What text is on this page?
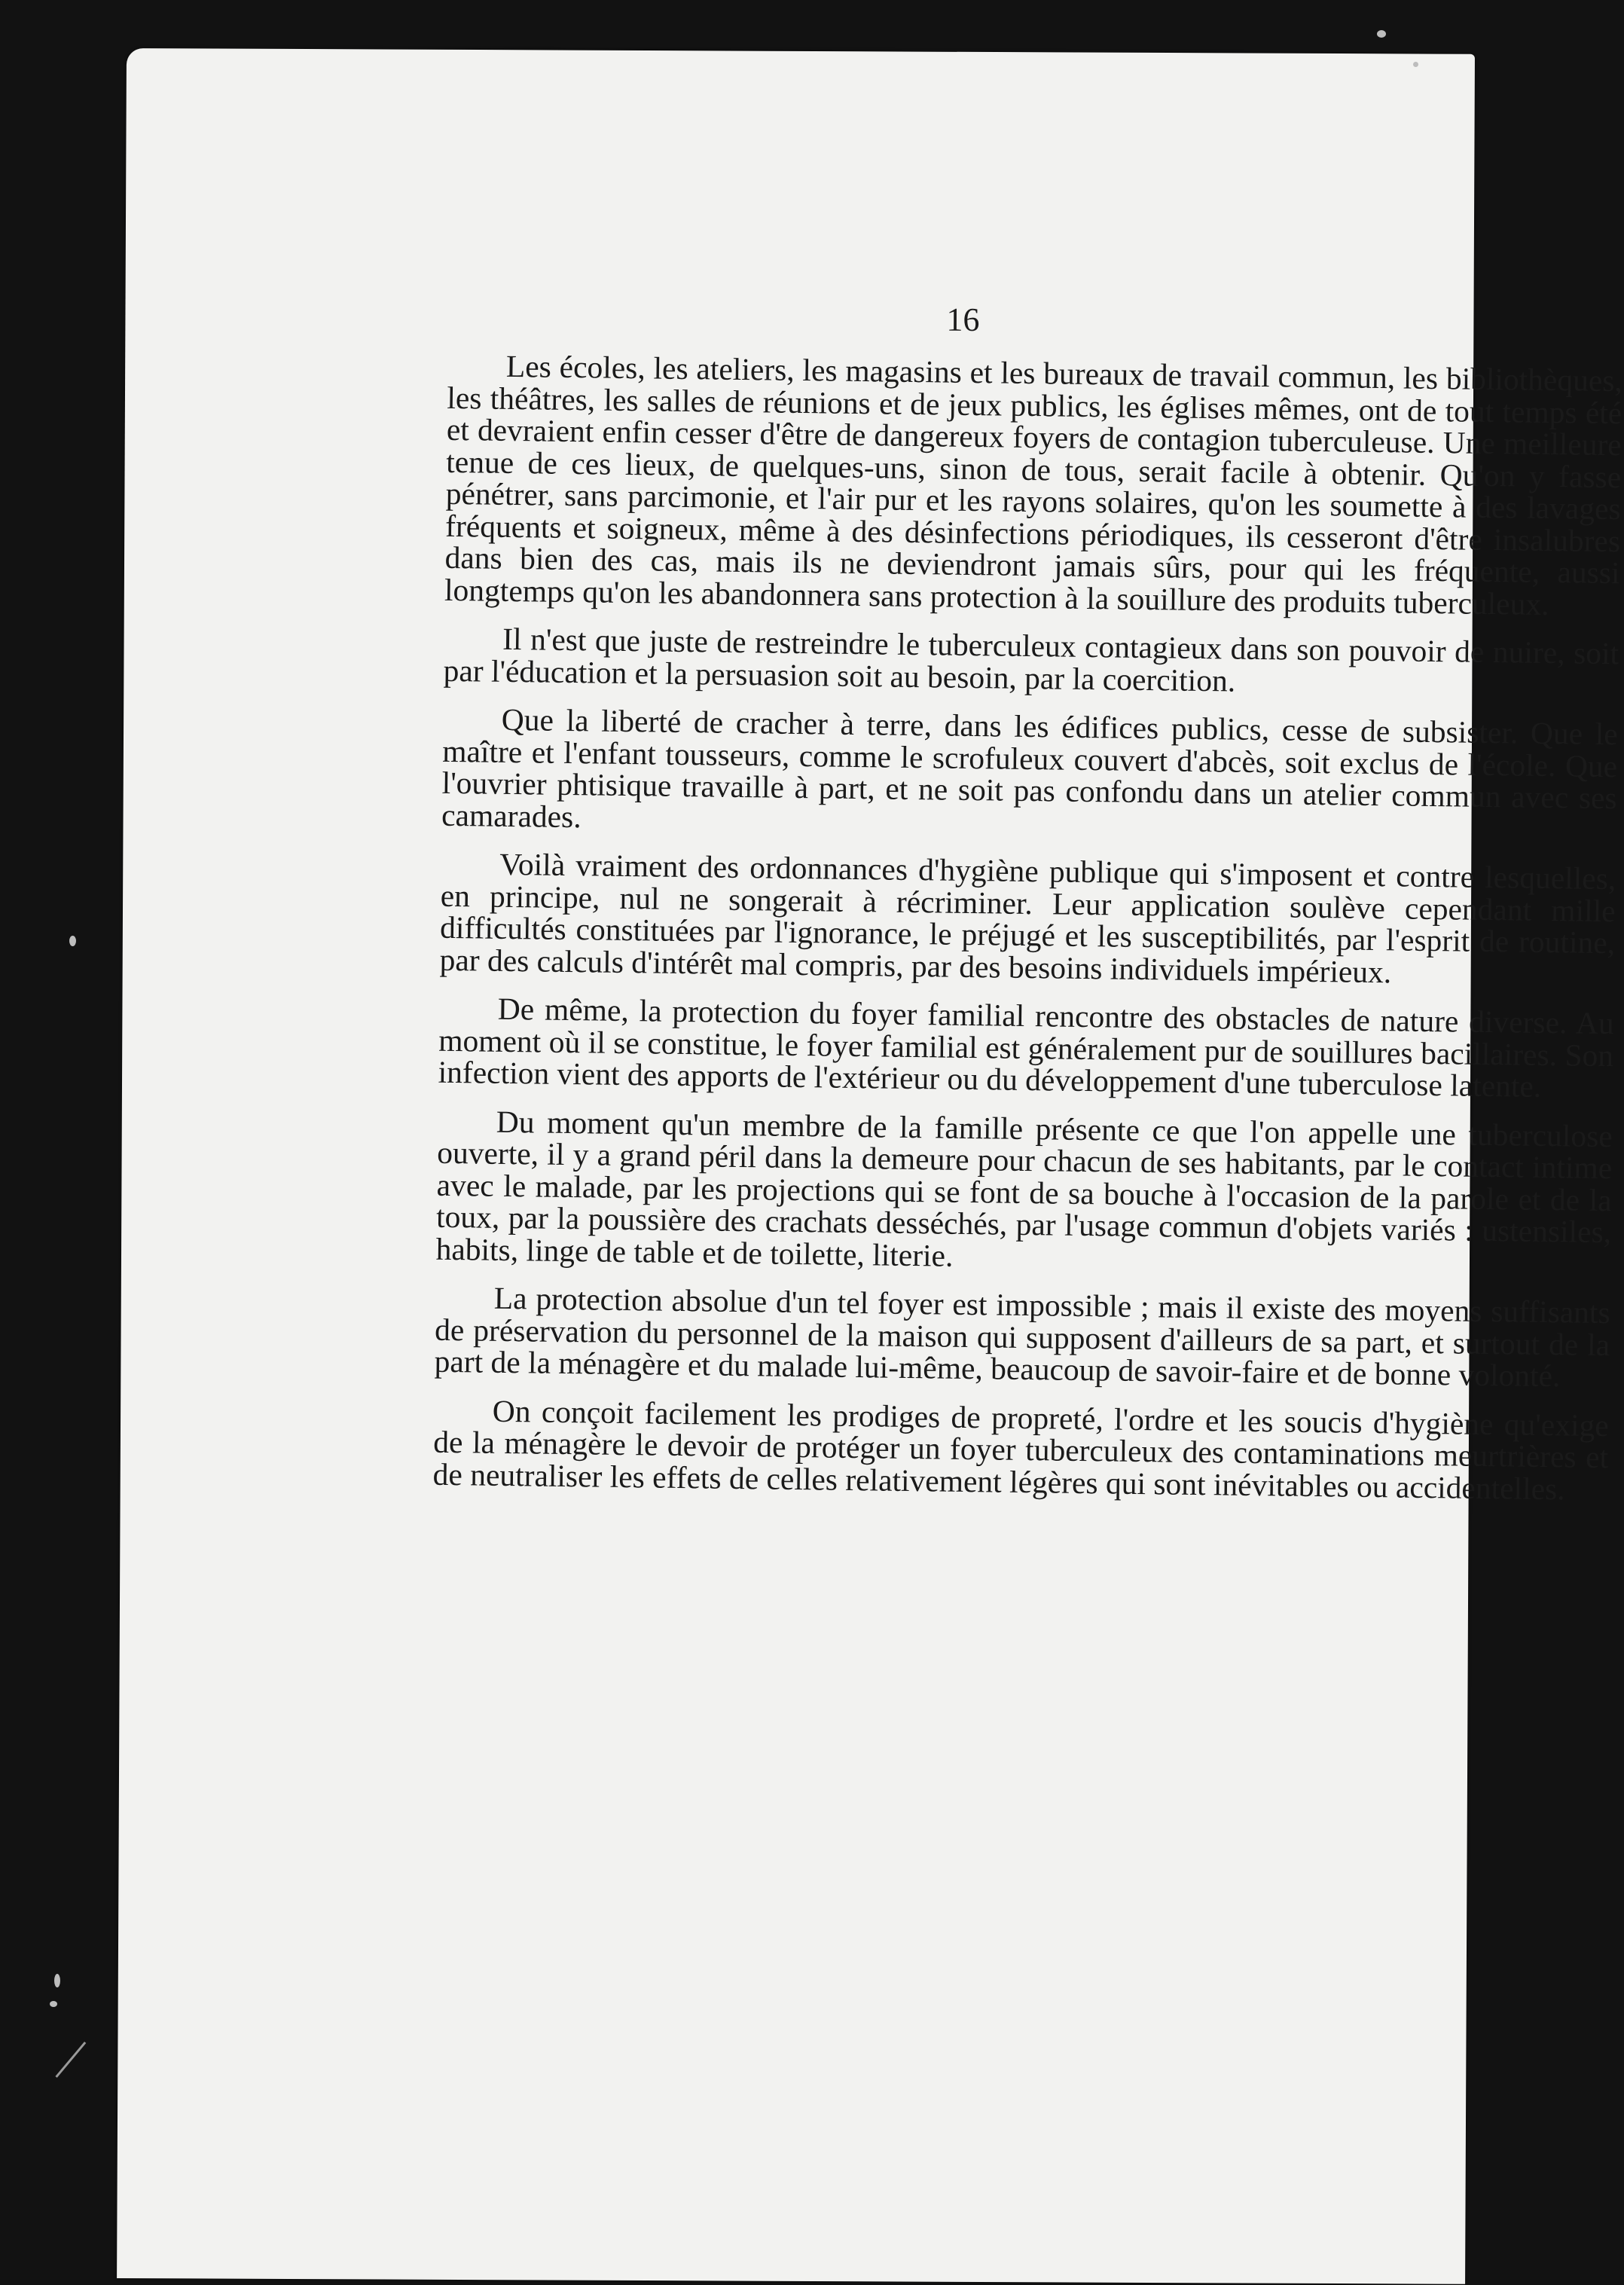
16

Les écoles, les ateliers, les magasins et les bureaux de travail commun, les bibliothèques, les théâtres, les salles de réunions et de jeux publics, les églises mêmes, ont de tout temps été et devraient enfin cesser d'être de dangereux foyers de contagion tuberculeuse. Une meilleure tenue de ces lieux, de quelques-uns, sinon de tous, serait facile à obtenir. Qu'on y fasse pénétrer, sans parcimonie, et l'air pur et les rayons solaires, qu'on les soumette à des lavages fréquents et soigneux, même à des désinfections périodiques, ils cesseront d'être insalubres dans bien des cas, mais ils ne deviendront jamais sûrs, pour qui les fréquente, aussi longtemps qu'on les abandonnera sans protection à la souillure des produits tuberculeux.

Il n'est que juste de restreindre le tuberculeux contagieux dans son pouvoir de nuire, soit par l'éducation et la persuasion soit au besoin, par la coercition.

Que la liberté de cracher à terre, dans les édifices publics, cesse de subsister. Que le maître et l'enfant tousseurs, comme le scrofuleux couvert d'abcès, soit exclus de l'école. Que l'ouvrier phtisique travaille à part, et ne soit pas confondu dans un atelier commun avec ses camarades.

Voilà vraiment des ordonnances d'hygiène publique qui s'imposent et contre lesquelles, en principe, nul ne songerait à récriminer. Leur application soulève cependant mille difficultés constituées par l'ignorance, le préjugé et les susceptibilités, par l'esprit de routine, par des calculs d'intérêt mal compris, par des besoins individuels impérieux.

De même, la protection du foyer familial rencontre des obstacles de nature diverse. Au moment où il se constitue, le foyer familial est généralement pur de souillures bacillaires. Son infection vient des apports de l'extérieur ou du développement d'une tuberculose latente.

Du moment qu'un membre de la famille présente ce que l'on appelle une tuberculose ouverte, il y a grand péril dans la demeure pour chacun de ses habitants, par le contact intime avec le malade, par les projections qui se font de sa bouche à l'occasion de la parole et de la toux, par la poussière des crachats desséchés, par l'usage commun d'objets variés : ustensiles, habits, linge de table et de toilette, literie.

La protection absolue d'un tel foyer est impossible ; mais il existe des moyens suffisants de préservation du personnel de la maison qui supposent d'ailleurs de sa part, et surtout de la part de la ménagère et du malade lui-même, beaucoup de savoir-faire et de bonne volonté.

On conçoit facilement les prodiges de propreté, l'ordre et les soucis d'hygiène qu'exige de la ménagère le devoir de protéger un foyer tuberculeux des contaminations meurtrières et de neutraliser les effets de celles relativement légères qui sont inévitables ou accidentelles.
